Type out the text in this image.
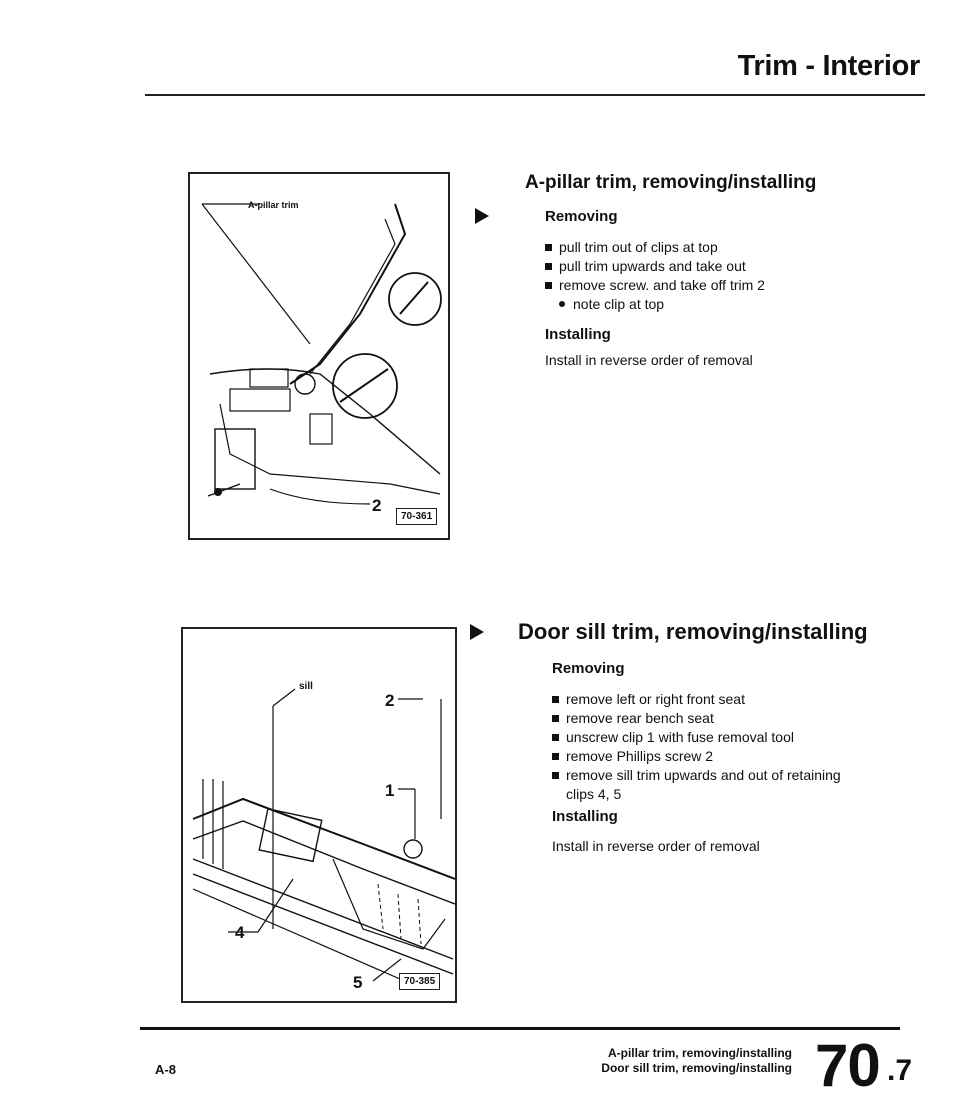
Trim - Interior
A-pillar trim
2
70-361
sill
2
1
4
5	70-385
A-pillar trim, removing/installing
Removing
pull trim out of clips at top
pull trim upwards and take out
remove screw. and take off trim 2
note clip at top
Installing
Install in reverse order of removal
Door sill trim, removing/installing
Removing
remove left or right front seat
remove rear bench seat
unscrew clip 1 with fuse removal tool
remove Phillips screw 2
remove sill trim upwards and out of retaining clips 4, 5
Installing
Install in reverse order of removal
A-8
A-pillar trim, removing/installing
Door sill trim, removing/installing 70 .7
